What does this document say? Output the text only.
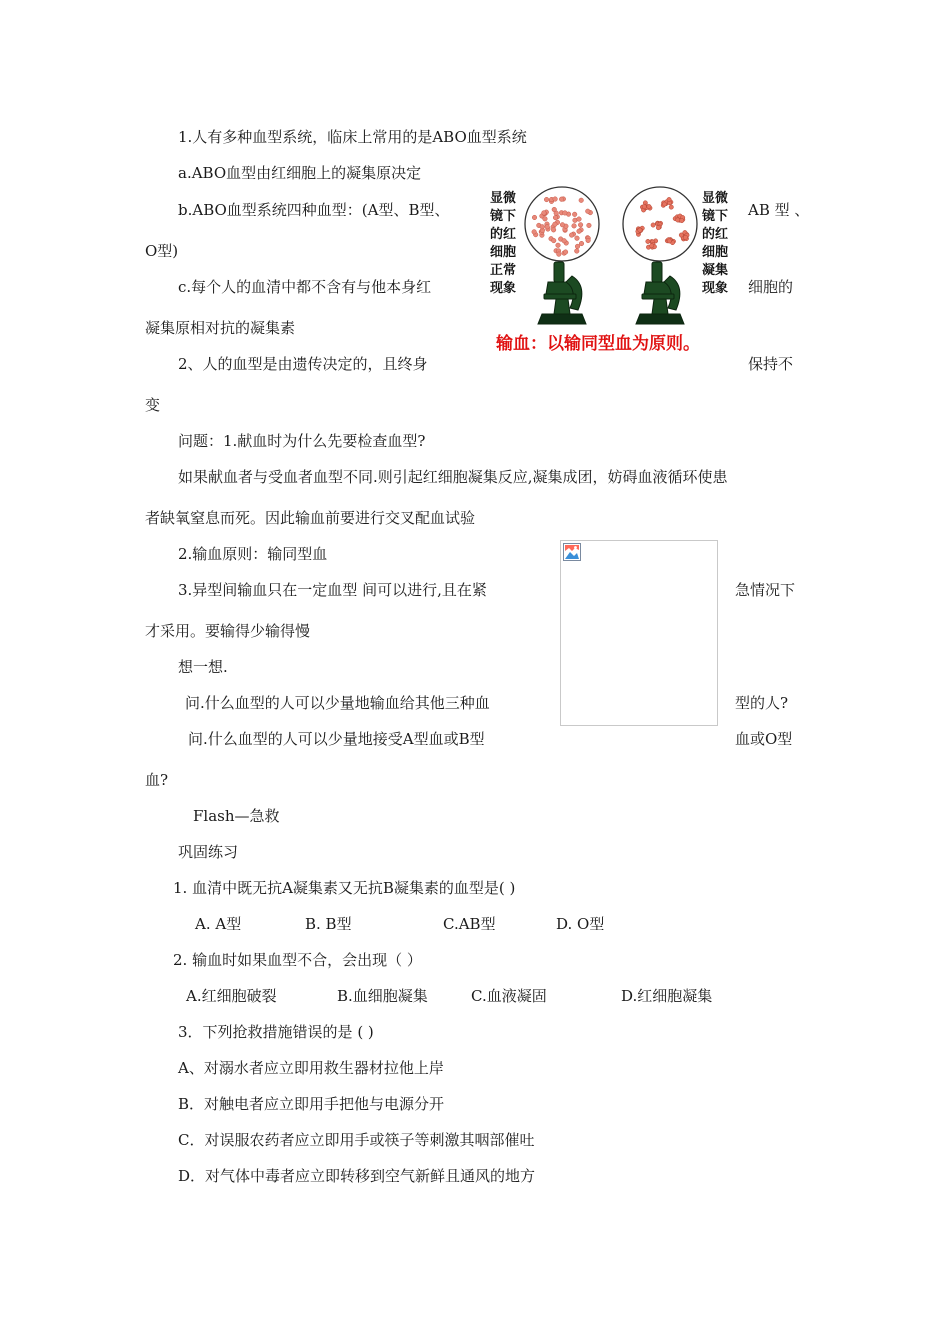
1.人有多种血型系统，临床上常用的是ABO血型系统
a.ABO血型由红细胞上的凝集原决定
b.ABO血型系统四种血型：(A型、B型、	AB 型 、
O型)
c.每个人的血清中都不含有与他本身红	细胞的
凝集原相对抗的凝集素
2、人的血型是由遗传决定的，且终身	保持不
变
问题：1.献血时为什么先要检查血型?
如果献血者与受血者血型不同.则引起红细胞凝集反应,凝集成团，妨碍血液循环使患
者缺氧窒息而死。因此输血前要进行交叉配血试验
2.输血原则：输同型血
3.异型间输血只在一定血型 间可以进行,且在紧	急情况下
才采用。要输得少输得慢
想一想.
问.什么血型的人可以少量地输血给其他三种血	型的人?
问.什么血型的人可以少量地接受A型血或B型	血或O型
血?
Flash—急救
巩固练习
1. 血清中既无抗A凝集素又无抗B凝集素的血型是( )
A. A型	B. B型	C.AB型	D. O型
2. 输血时如果血型不合，会出现（ ）
A.红细胞破裂	B.血细胞凝集	C.血液凝固	D.红细胞凝集
3．下列抢救措施错误的是 ( )
A、对溺水者应立即用救生器材拉他上岸
B．对触电者应立即用手把他与电源分开
C．对误服农药者应立即用手或筷子等刺激其咽部催吐
D．对气体中毒者应立即转移到空气新鲜且通风的地方
显微
镜下
的红
细胞
正常
现象
显微
镜下
的红
细胞
凝集
现象
输血：以输同型血为原则。
